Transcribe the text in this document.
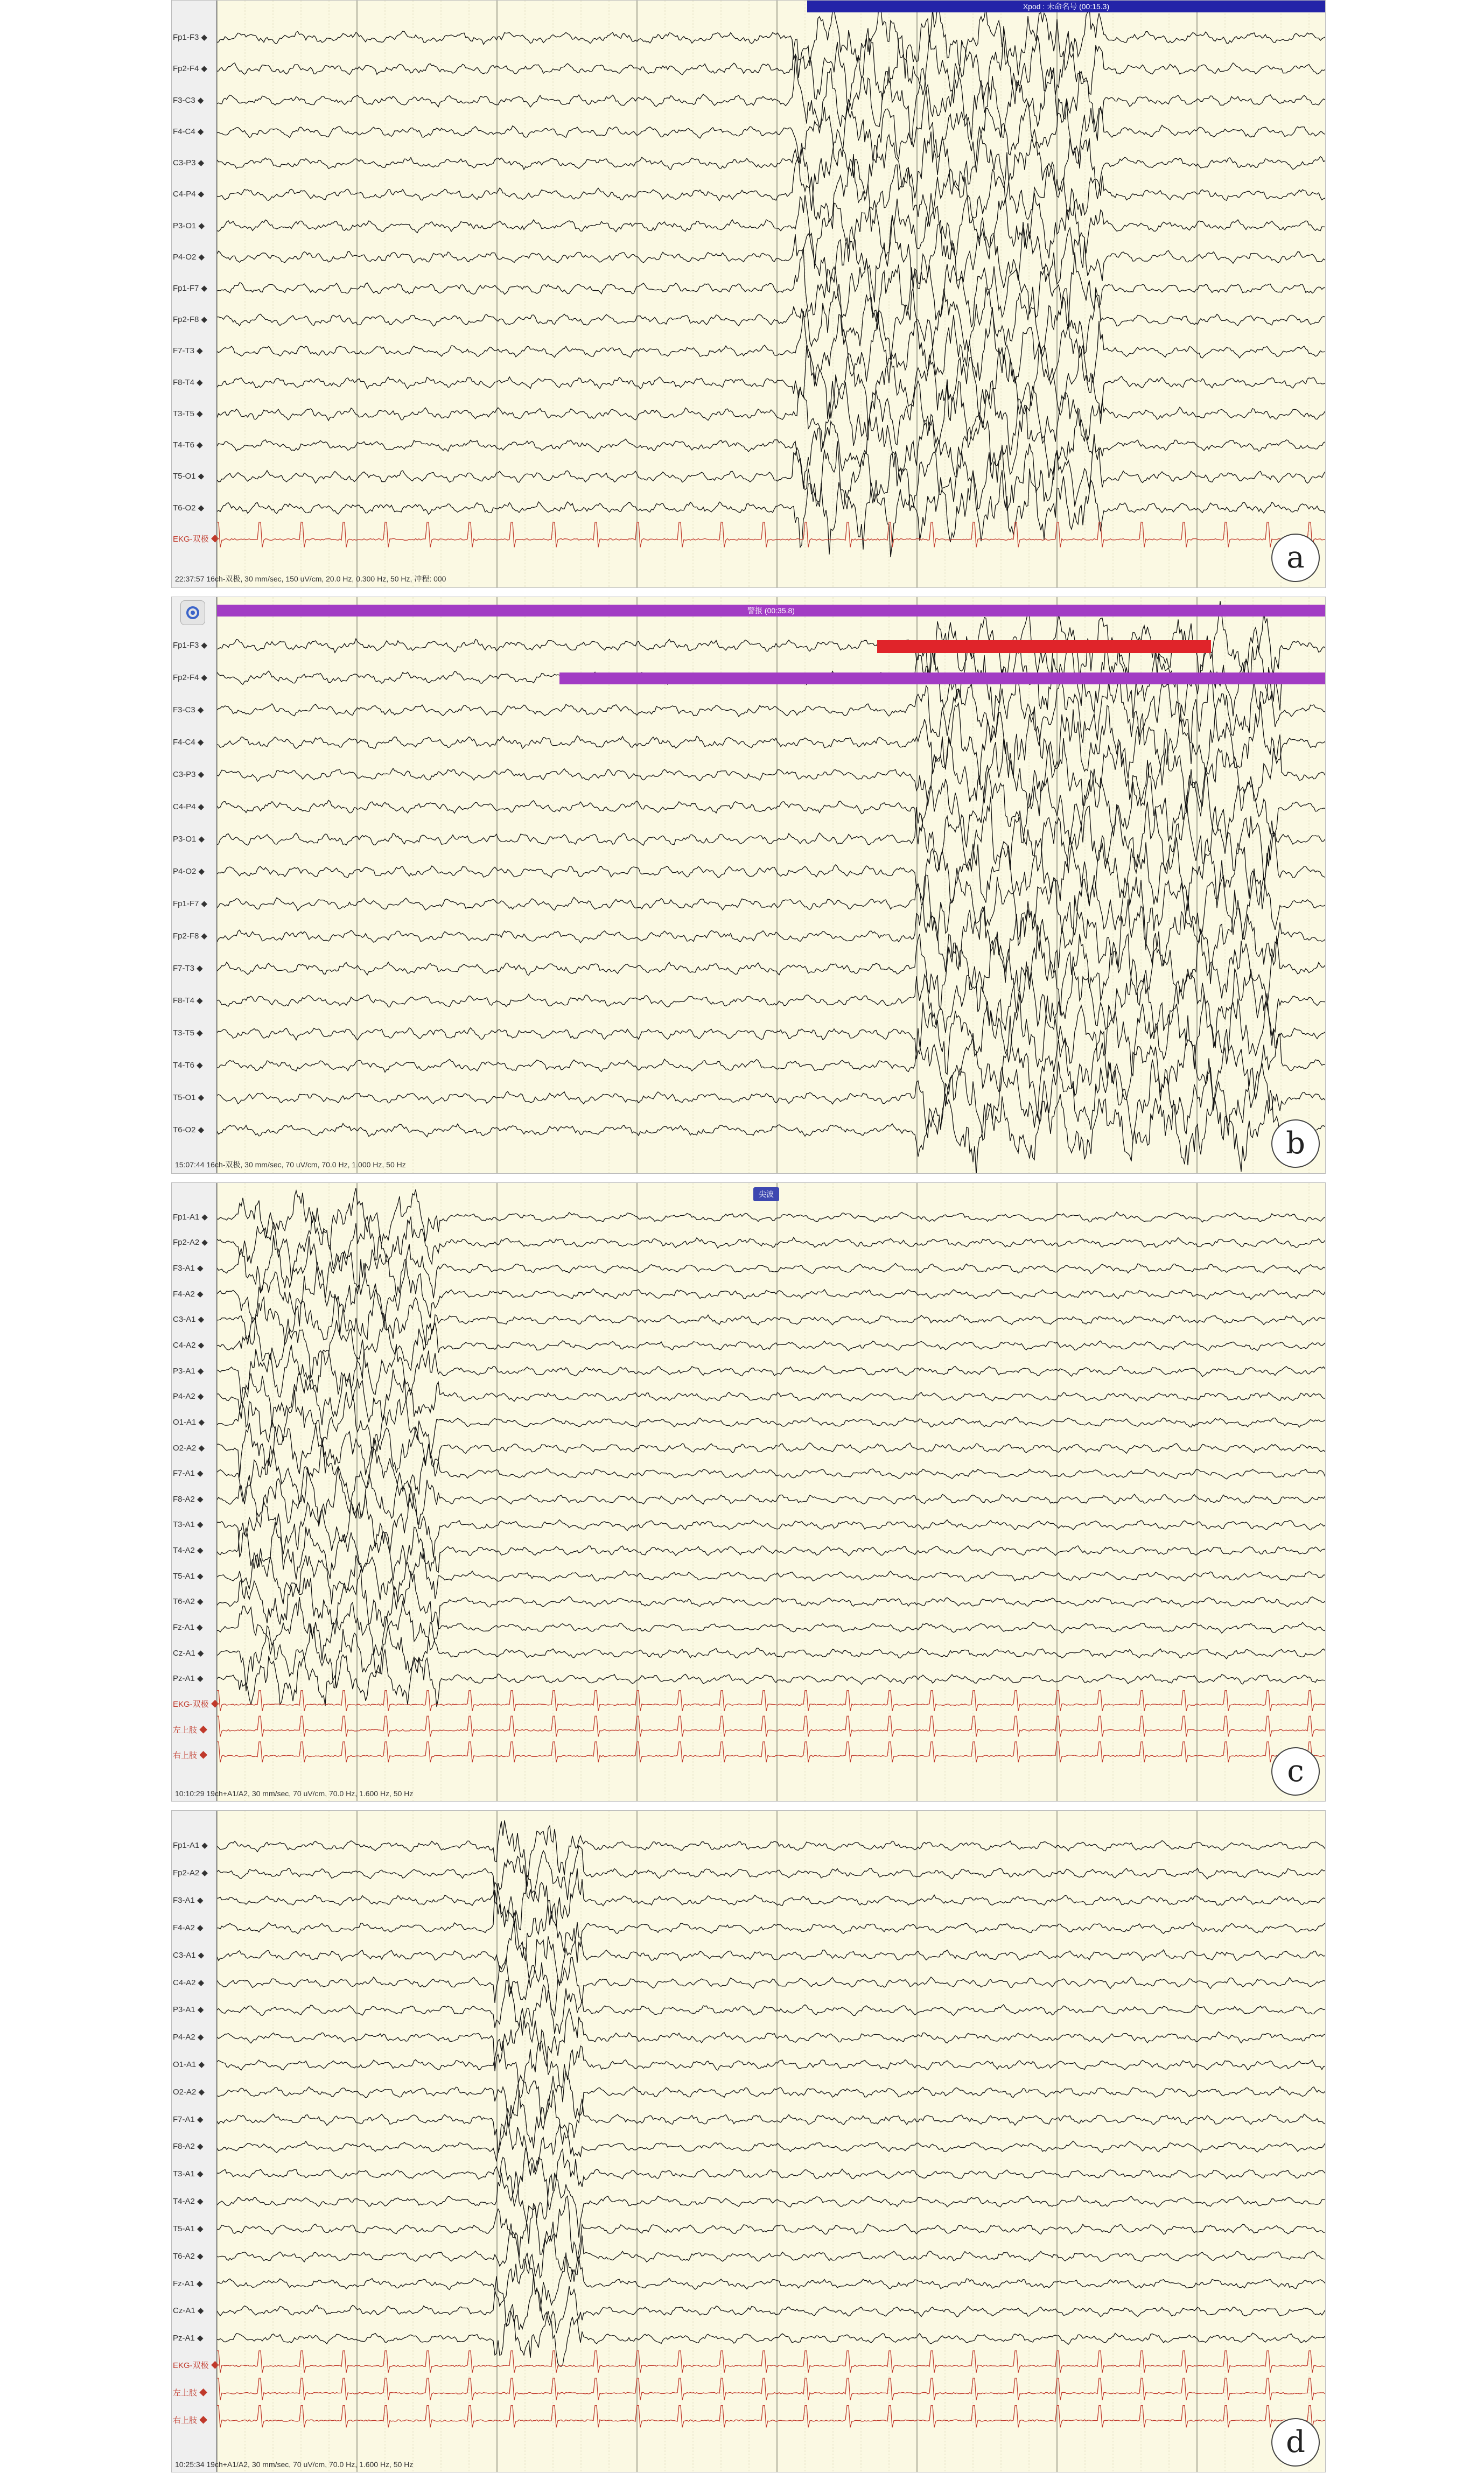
Fp1-F3 ◆
Fp2-F4 ◆
F3-C3 ◆
F4-C4 ◆
C3-P3 ◆
C4-P4 ◆
P3-O1 ◆
P4-O2 ◆
Fp1-F7 ◆
Fp2-F8 ◆
F7-T3 ◆
F8-T4 ◆
T3-T5 ◆
T4-T6 ◆
T5-O1 ◆
T6-O2 ◆
EKG-双极 ◆
Xpod : 未命名号 (00:15.3)
22:37:57 16ch-双极, 30 mm/sec, 150 uV/cm, 20.0 Hz, 0.300 Hz, 50 Hz, 冲程: 000
a
Fp1-F3 ◆
Fp2-F4 ◆
F3-C3 ◆
F4-C4 ◆
C3-P3 ◆
C4-P4 ◆
P3-O1 ◆
P4-O2 ◆
Fp1-F7 ◆
Fp2-F8 ◆
F7-T3 ◆
F8-T4 ◆
T3-T5 ◆
T4-T6 ◆
T5-O1 ◆
T6-O2 ◆
警报 (00:35.8)
15:07:44 16ch-双极, 30 mm/sec, 70 uV/cm, 70.0 Hz, 1.000 Hz, 50 Hz
b
Fp1-A1 ◆
Fp2-A2 ◆
F3-A1 ◆
F4-A2 ◆
C3-A1 ◆
C4-A2 ◆
P3-A1 ◆
P4-A2 ◆
O1-A1 ◆
O2-A2 ◆
F7-A1 ◆
F8-A2 ◆
T3-A1 ◆
T4-A2 ◆
T5-A1 ◆
T6-A2 ◆
Fz-A1 ◆
Cz-A1 ◆
Pz-A1 ◆
EKG-双极 ◆
左上肢 ◆
右上肢 ◆
尖波
10:10:29 19ch+A1/A2, 30 mm/sec, 70 uV/cm, 70.0 Hz, 1.600 Hz, 50 Hz
c
Fp1-A1 ◆
Fp2-A2 ◆
F3-A1 ◆
F4-A2 ◆
C3-A1 ◆
C4-A2 ◆
P3-A1 ◆
P4-A2 ◆
O1-A1 ◆
O2-A2 ◆
F7-A1 ◆
F8-A2 ◆
T3-A1 ◆
T4-A2 ◆
T5-A1 ◆
T6-A2 ◆
Fz-A1 ◆
Cz-A1 ◆
Pz-A1 ◆
EKG-双极 ◆
左上肢 ◆
右上肢 ◆
10:25:34 19ch+A1/A2, 30 mm/sec, 70 uV/cm, 70.0 Hz, 1.600 Hz, 50 Hz
d
